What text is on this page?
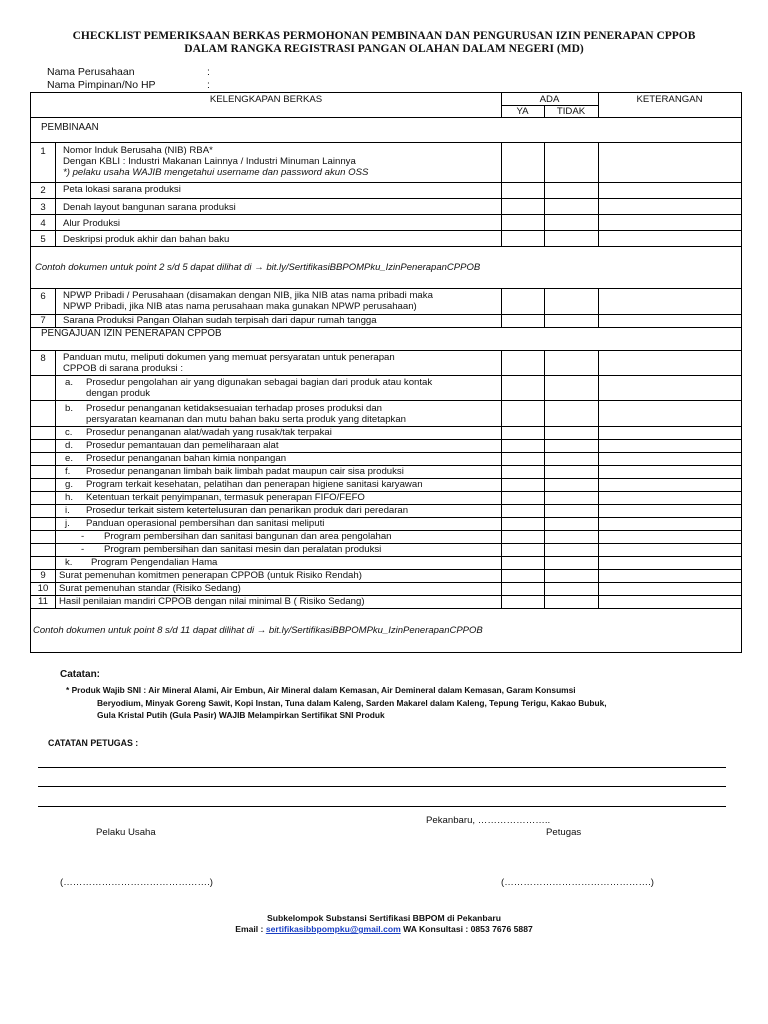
CHECKLIST PEMERIKSAAN BERKAS PERMOHONAN PEMBINAAN DAN PENGURUSAN IZIN PENERAPAN CPPOB
DALAM RANGKA REGISTRASI PANGAN OLAHAN DALAM NEGERI (MD)
Nama Perusahaan	:
Nama Pimpinan/No HP	:
KELENGKAPAN BERKAS	ADA
YA	TIDAK
KETERANGAN
PEMBINAAN
1	Nomor Induk Berusaha (NIB) RBA*
Dengan KBLI : Industri Makanan Lainnya / Industri Minuman Lainnya
*) pelaku usaha WAJIB mengetahui username dan password akun OSS
2	Peta lokasi sarana produksi
3	Denah layout bangunan sarana produksi
4	Alur Produksi
5	Deskripsi produk akhir dan bahan baku
Contoh dokumen untuk point 2 s/d 5 dapat dilihat di → bit.ly/SertifikasiBBPOMPku_IzinPenerapanCPPOB
6	NPWP Pribadi / Perusahaan (disamakan dengan NIB, jika NIB atas nama pribadi maka
NPWP Pribadi, jika NIB atas nama perusahaan maka gunakan NPWP perusahaan)
7	Sarana Produksi Pangan Olahan sudah terpisah dari dapur rumah tangga
PENGAJUAN IZIN PENERAPAN CPPOB
8	Panduan mutu, meliputi dokumen yang memuat persyaratan untuk penerapan
CPPOB di sarana produksi :
a.	Prosedur pengolahan air yang digunakan sebagai bagian dari produk atau kontak
dengan produk
b.	Prosedur penanganan ketidaksesuaian terhadap proses produksi dan
persyaratan keamanan dan mutu bahan baku serta produk yang ditetapkan
c.	Prosedur penanganan alat/wadah yang rusak/tak terpakai
d.	Prosedur pemantauan dan pemeliharaan alat
e.	Prosedur penanganan bahan kimia nonpangan
f.	Prosedur penanganan limbah baik limbah padat maupun cair sisa produksi
g.	Program terkait kesehatan, pelatihan dan penerapan higiene sanitasi karyawan
h.	Ketentuan terkait penyimpanan, termasuk penerapan FIFO/FEFO
i.	Prosedur terkait sistem ketertelusuran dan penarikan produk dari peredaran
j.	Panduan operasional pembersihan dan sanitasi meliputi
- Program pembersihan dan sanitasi bangunan dan area pengolahan
- Program pembersihan dan sanitasi mesin dan peralatan produksi
k.	Program Pengendalian Hama
9	Surat pemenuhan komitmen penerapan CPPOB (untuk Risiko Rendah)
10	Surat pemenuhan standar (Risiko Sedang)
11	Hasil penilaian mandiri CPPOB dengan nilai minimal B ( Risiko Sedang)
Contoh dokumen untuk point 8 s/d 11 dapat dilihat di → bit.ly/SertifikasiBBPOMPku_IzinPenerapanCPPOB
Catatan:
* Produk Wajib SNI : Air Mineral Alami, Air Embun, Air Mineral dalam Kemasan, Air Demineral dalam Kemasan, Garam Konsumsi
Beryodium, Minyak Goreng Sawit, Kopi Instan, Tuna dalam Kaleng, Sarden Makarel dalam Kaleng, Tepung Terigu, Kakao Bubuk,
Gula Kristal Putih (Gula Pasir) WAJIB Melampirkan Sertifikat SNI Produk
CATATAN PETUGAS :
Pekanbaru, …………………..
Pelaku Usaha	Petugas
(……………………………………….)	(……………………………………….)
Subkelompok Substansi Sertifikasi BBPOM di Pekanbaru
Email : sertifikasibbpompku@gmail.com WA Konsultasi : 0853 7676 5887
